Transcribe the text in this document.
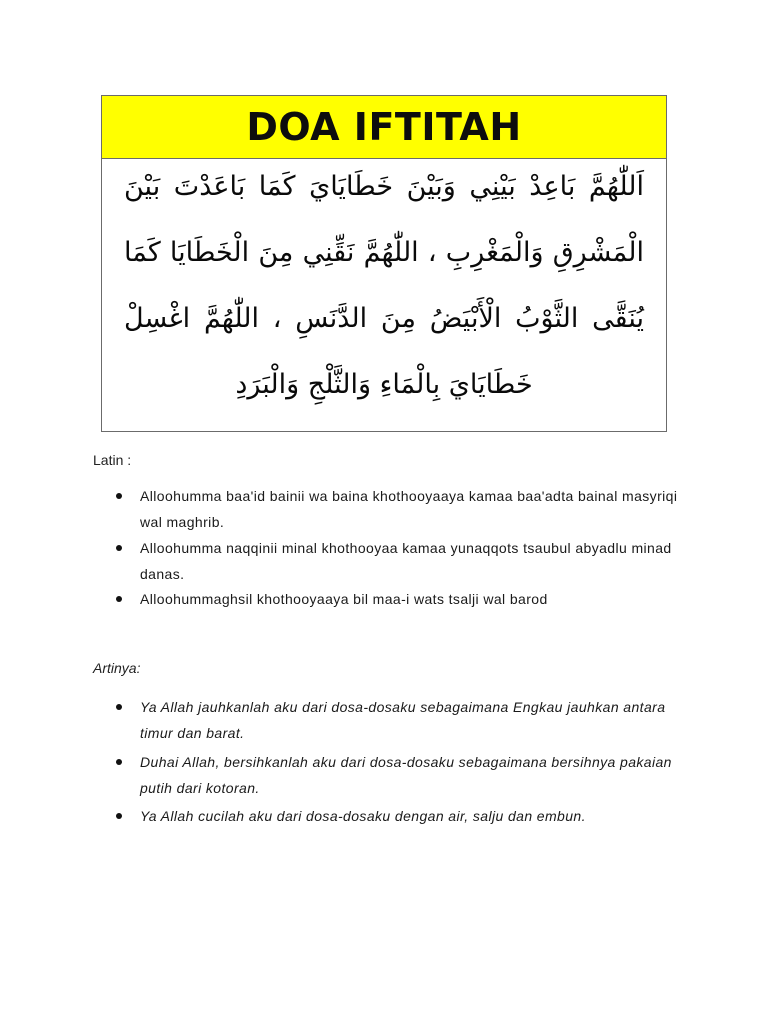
DOA IFTITAH
اَللّٰهُمَّ بَاعِدْ بَيْنِي وَبَيْنَ خَطَايَايَ كَمَا بَاعَدْتَ بَيْنَ
الْمَشْرِقِ وَالْمَغْرِبِ ، اللّٰهُمَّ نَقِّنِي مِنَ الْخَطَايَا كَمَا
يُنَقَّى الثَّوْبُ الْأَبْيَضُ مِنَ الدَّنَسِ ، اللّٰهُمَّ اغْسِلْ
خَطَايَايَ بِالْمَاءِ وَالثَّلْجِ وَالْبَرَدِ
Latin :
Alloohumma baa'id bainii wa baina khothooyaaya kamaa baa'adta bainal masyriqi wal maghrib.
Alloohumma naqqinii minal khothooyaa kamaa yunaqqots tsaubul abyadlu minad danas.
Alloohummaghsil khothooyaaya bil maa-i wats tsalji wal barod
Artinya:
Ya Allah jauhkanlah aku dari dosa-dosaku sebagaimana Engkau jauhkan antara timur dan barat.
Duhai Allah, bersihkanlah aku dari dosa-dosaku sebagaimana bersihnya pakaian putih dari kotoran.
Ya Allah cucilah aku dari dosa-dosaku dengan air, salju dan embun.
